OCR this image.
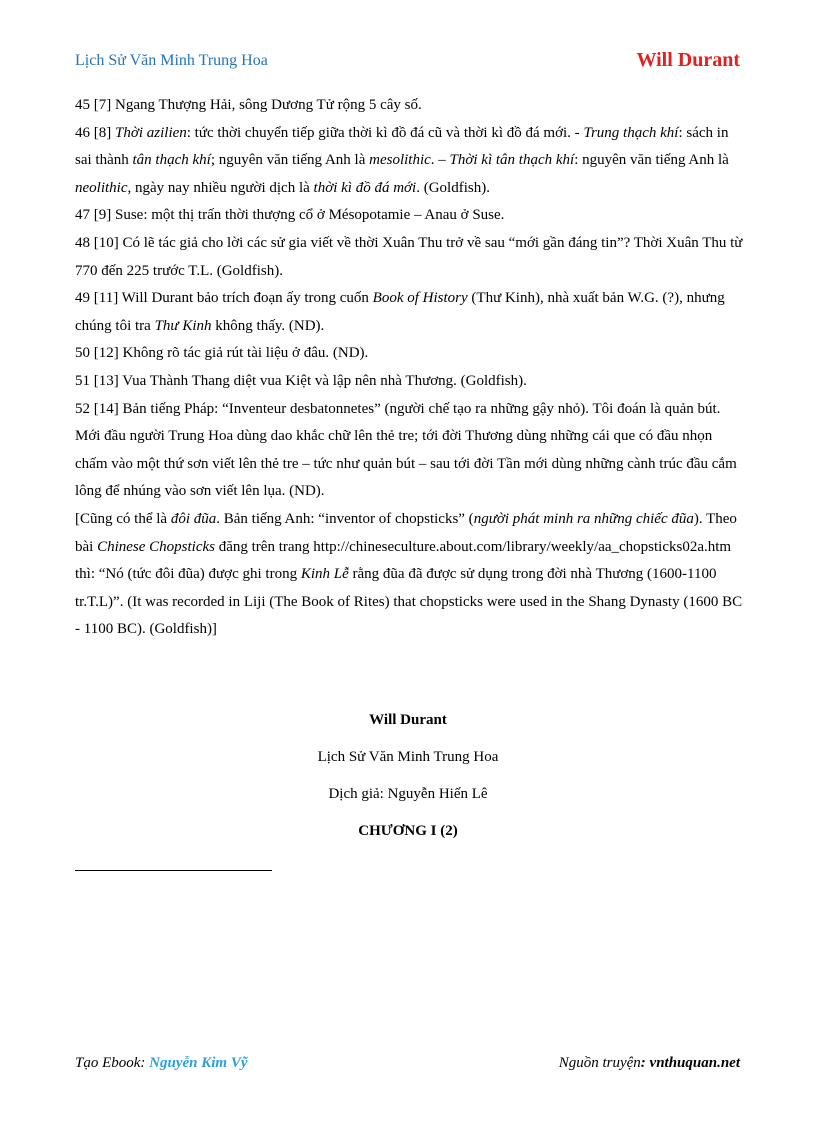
Lịch Sử Văn Minh Trung Hoa	Will Durant

45 [7] Ngang Thượng Hải, sông Dương Tử rộng 5 cây số.

46 [8] Thời azilien: tức thời chuyển tiếp giữa thời kì đồ đá cũ và thời kì đồ đá mới. - Trung thạch khí: sách in sai thành tân thạch khí; nguyên văn tiếng Anh là mesolithic. – Thời kì tân thạch khí: nguyên văn tiếng Anh là neolithic, ngày nay nhiều người dịch là thời kì đồ đá mới. (Goldfish).

47 [9] Suse: một thị trấn thời thượng cổ ở Mésopotamie – Anau ở Suse.

48 [10] Có lẽ tác giả cho lời các sử gia viết về thời Xuân Thu trở về sau “mới gần đáng tin”? Thời Xuân Thu từ 770 đến 225 trước T.L. (Goldfish).

49 [11] Will Durant bảo trích đoạn ấy trong cuốn Book of History (Thư Kinh), nhà xuất bản W.G. (?), nhưng chúng tôi tra Thư Kinh không thấy. (ND).

50 [12] Không rõ tác giả rút tài liệu ở đâu. (ND).

51 [13] Vua Thành Thang diệt vua Kiệt và lập nên nhà Thương. (Goldfish).

52 [14] Bản tiếng Pháp: “Inventeur desbatonnetes” (người chế tạo ra những gậy nhỏ). Tôi đoán là quản bút. Mới đầu người Trung Hoa dùng dao khắc chữ lên thẻ tre; tới đời Thương dùng những cái que có đầu nhọn chấm vào một thứ sơn viết lên thẻ tre – tức như quản bút – sau tới đời Tần mới dùng những cành trúc đầu cắm lông để nhúng vào sơn viết lên lụa. (ND).

[Cũng có thể là đôi đũa. Bản tiếng Anh: “inventor of chopsticks” (người phát minh ra những chiếc đũa). Theo bài Chinese Chopsticks đăng trên trang http://chineseculture.about.com/library/weekly/aa_chopsticks02a.htm thì: “Nó (tức đôi đũa) được ghi trong Kinh Lễ rằng đũa đã được sử dụng trong đời nhà Thương (1600-1100 tr.T.L)”. (It was recorded in Liji (The Book of Rites) that chopsticks were used in the Shang Dynasty (1600 BC - 1100 BC). (Goldfish)]

Will Durant
Lịch Sử Văn Minh Trung Hoa
Dịch giả: Nguyễn Hiến Lê
CHƯƠNG I (2)
Tạo Ebook: Nguyễn Kim Vỹ	Nguồn truyện: vnthuquan.net
